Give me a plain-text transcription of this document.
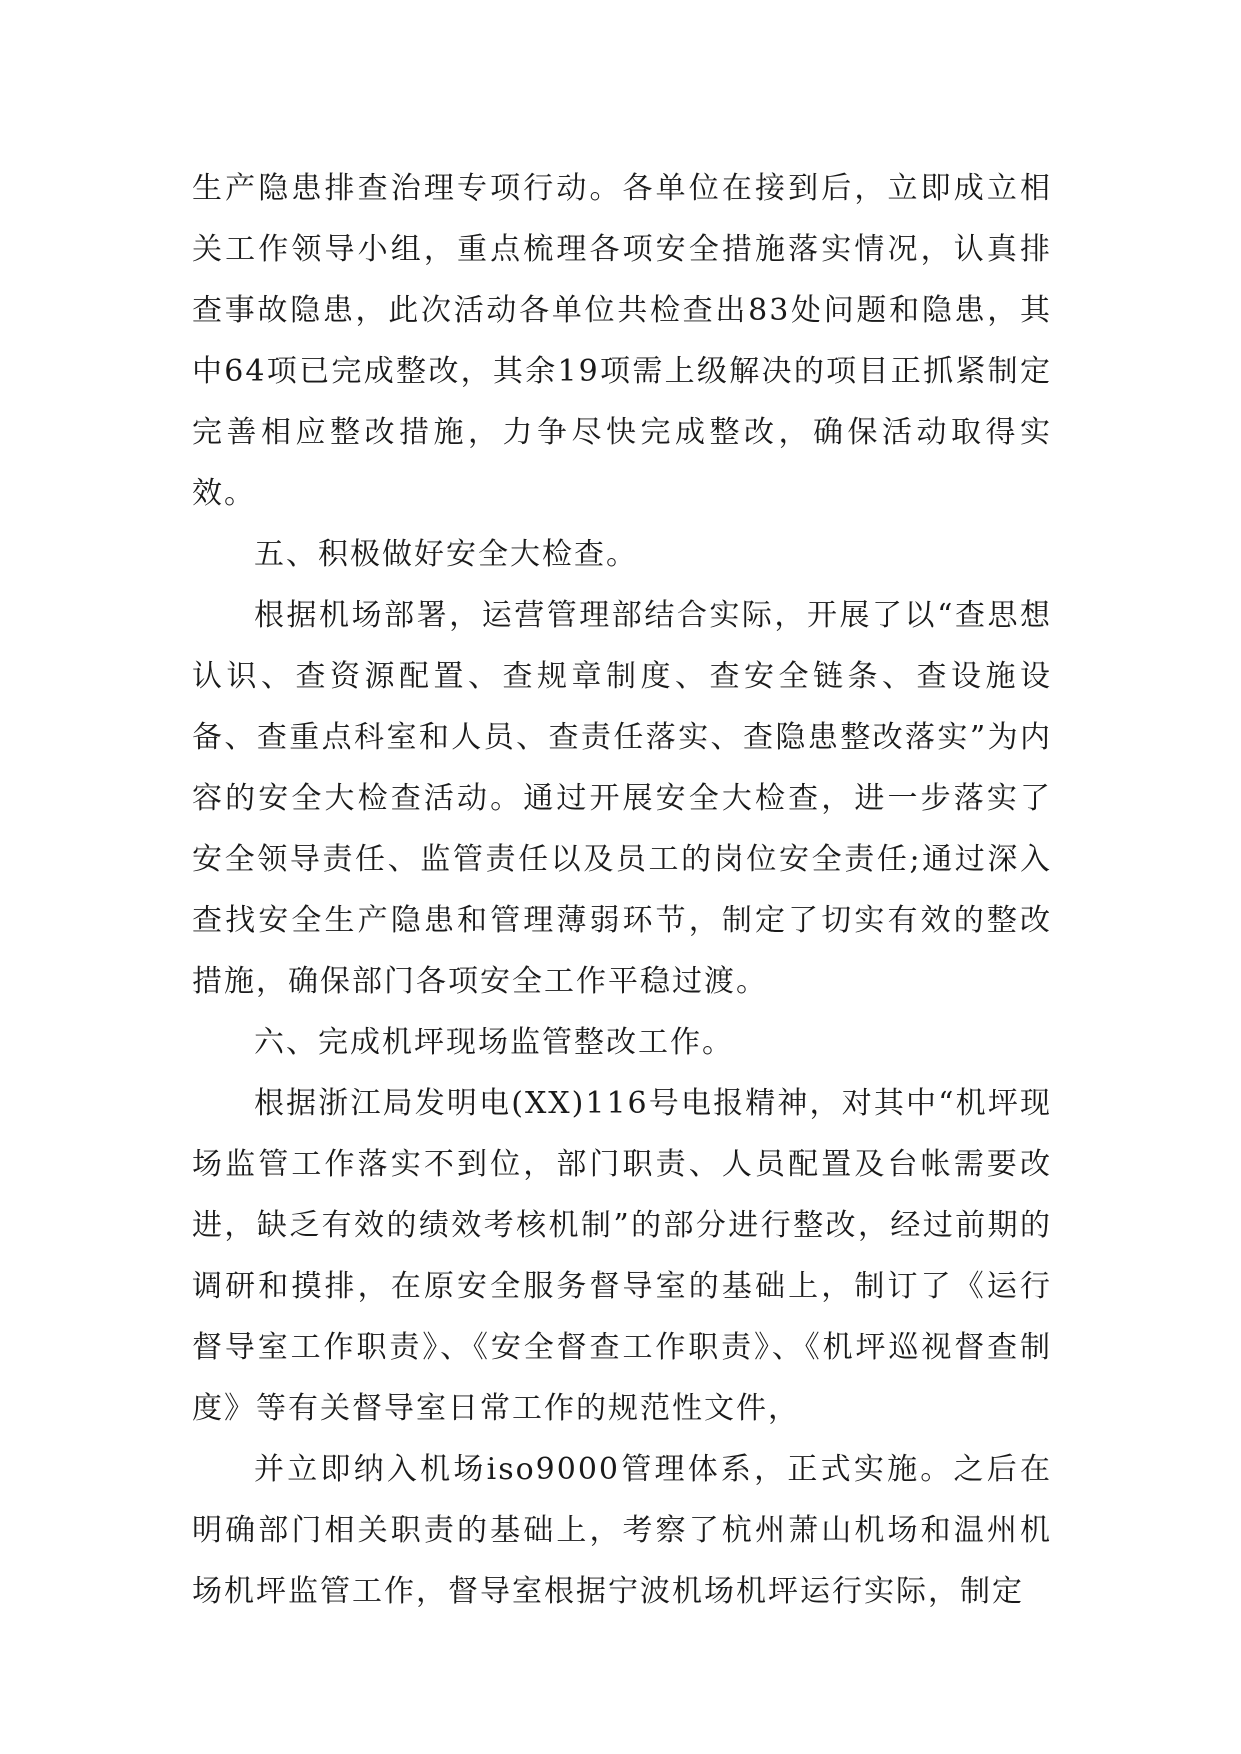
生产隐患排查治理专项行动。各单位在接到后，立即成立相关工作领导小组，重点梳理各项安全措施落实情况，认真排查事故隐患，此次活动各单位共检查出83处问题和隐患，其中64项已完成整改，其余19项需上级解决的项目正抓紧制定完善相应整改措施，力争尽快完成整改，确保活动取得实效。

五、积极做好安全大检查。

根据机场部署，运营管理部结合实际，开展了以“查思想认识、查资源配置、查规章制度、查安全链条、查设施设备、查重点科室和人员、查责任落实、查隐患整改落实”为内容的安全大检查活动。通过开展安全大检查，进一步落实了安全领导责任、监管责任以及员工的岗位安全责任;通过深入查找安全生产隐患和管理薄弱环节，制定了切实有效的整改措施，确保部门各项安全工作平稳过渡。

六、完成机坪现场监管整改工作。

根据浙江局发明电(XX)116号电报精神，对其中“机坪现场监管工作落实不到位，部门职责、人员配置及台帐需要改进，缺乏有效的绩效考核机制”的部分进行整改，经过前期的调研和摸排，在原安全服务督导室的基础上，制订了《运行督导室工作职责》、《安全督查工作职责》、《机坪巡视督查制度》等有关督导室日常工作的规范性文件，

并立即纳入机场iso9000管理体系，正式实施。之后在明确部门相关职责的基础上，考察了杭州萧山机场和温州机场机坪监管工作，督导室根据宁波机场机坪运行实际，制定
